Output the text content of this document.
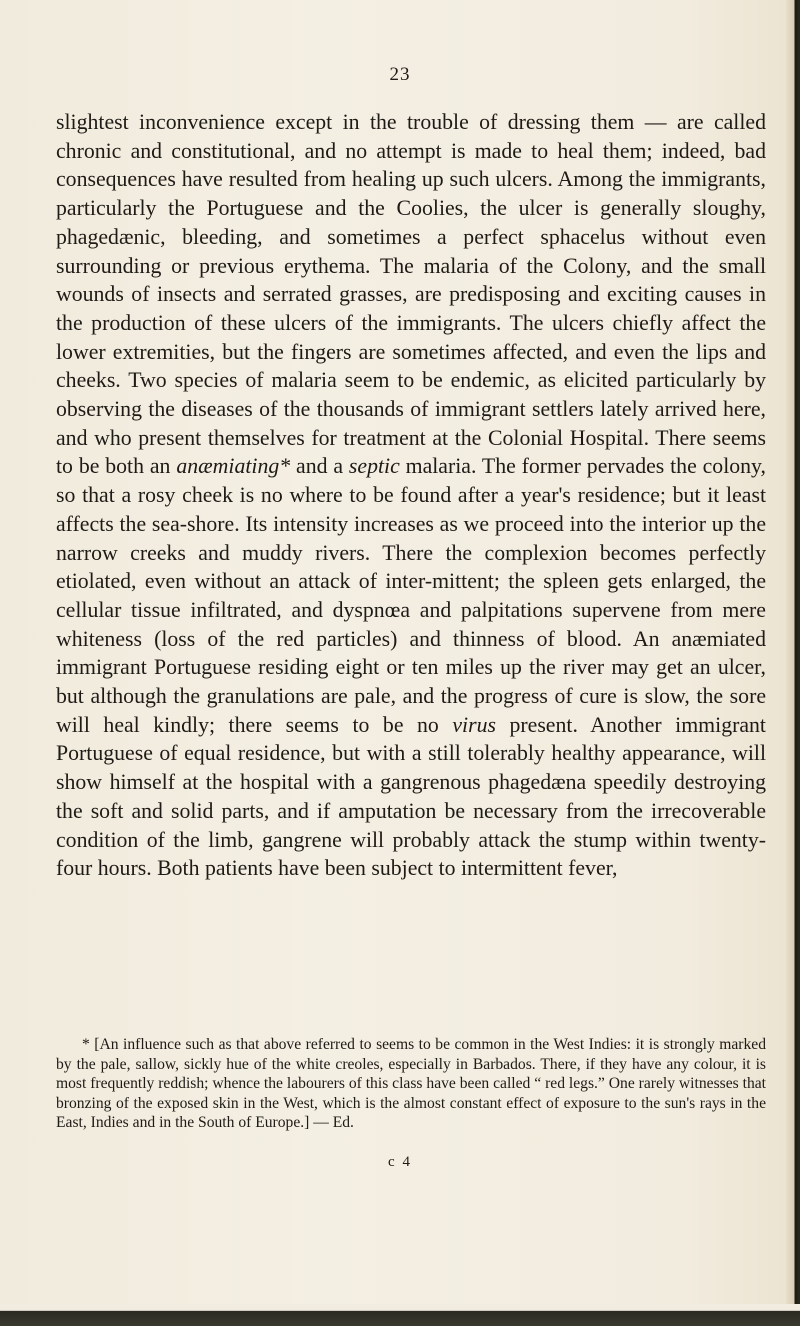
23

slightest inconvenience except in the trouble of dressing them — are called chronic and constitutional, and no attempt is made to heal them; indeed, bad consequences have resulted from healing up such ulcers. Among the immigrants, particularly the Portuguese and the Coolies, the ulcer is generally sloughy, phagedænic, bleeding, and sometimes a perfect sphacelus without even surrounding or previous erythema. The malaria of the Colony, and the small wounds of insects and serrated grasses, are predisposing and exciting causes in the production of these ulcers of the immigrants. The ulcers chiefly affect the lower extremities, but the fingers are sometimes affected, and even the lips and cheeks. Two species of malaria seem to be endemic, as elicited particularly by observing the diseases of the thousands of immigrant settlers lately arrived here, and who present themselves for treatment at the Colonial Hospital. There seems to be both an anæmiating* and a septic malaria. The former pervades the colony, so that a rosy cheek is no where to be found after a year's residence; but it least affects the sea-shore. Its intensity increases as we proceed into the interior up the narrow creeks and muddy rivers. There the complexion becomes perfectly etiolated, even without an attack of inter-mittent; the spleen gets enlarged, the cellular tissue infiltrated, and dyspnœa and palpitations supervene from mere whiteness (loss of the red particles) and thinness of blood. An anæmiated immigrant Portuguese residing eight or ten miles up the river may get an ulcer, but although the granulations are pale, and the progress of cure is slow, the sore will heal kindly; there seems to be no virus present. Another immigrant Portuguese of equal residence, but with a still tolerably healthy appearance, will show himself at the hospital with a gangrenous phagedæna speedily destroying the soft and solid parts, and if amputation be necessary from the irrecoverable condition of the limb, gangrene will probably attack the stump within twenty-four hours. Both patients have been subject to intermittent fever,

* [An influence such as that above referred to seems to be common in the West Indies: it is strongly marked by the pale, sallow, sickly hue of the white creoles, especially in Barbados. There, if they have any colour, it is most frequently reddish; whence the labourers of this class have been called “ red legs.” One rarely witnesses that bronzing of the exposed skin in the West, which is the almost constant effect of exposure to the sun's rays in the East, Indies and in the South of Europe.] — Ed.

c 4
